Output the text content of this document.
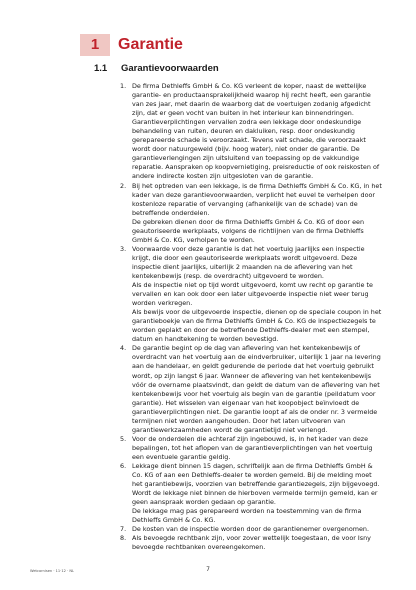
1	Garantie
1.1 Garantievoorwaarden
1. De firma Dethleffs GmbH & Co. KG verleent de koper, naast de wettelijke garantie- en productaansprakelijkheid waarop hij recht heeft, een garantie van zes jaar, met daarin de waarborg dat de voertuigen zodanig afgedicht zijn, dat er geen vocht van buiten in het interieur kan binnendringen.

Garantieverplichtingen vervallen zodra een lekkage door ondeskundige behandeling van ruiten, deuren en dakluiken, resp. door ondeskundig gerepareerde schade is veroorzaakt. Tevens valt schade, die veroorzaakt wordt door natuurgeweld (bijv. hoog water), niet onder de garantie. De garantieverlengingen zijn uitsluitend van toepassing op de vakkundige reparatie. Aanspraken op koopvernietiging, preisreductie of ook reiskosten of andere indirecte kosten zijn uitgesloten van de garantie.

2. Bij het optreden van een lekkage, is de firma Dethleffs GmbH & Co. KG, in het kader van deze garantievoorwaarden, verplicht het euvel te verhelpen door kostenloze reparatie of vervanging (afhankelijk van de schade) van de betreffende onderdelen.

De gebreken dienen door de firma Dethleffs GmbH & Co. KG of door een geautoriseerde werkplaats, volgens de richtlijnen van de firma Dethleffs GmbH & Co. KG, verholpen te worden.

3. Voorwaarde voor deze garantie is dat het voertuig jaarlijks een inspectie krijgt, die door een geautoriseerde werkplaats wordt uitgevoerd. Deze inspectie dient jaarlijks, uiterlijk 2 maanden na de aflevering van het kentekenbewijs (resp. de overdracht) uitgevoerd te worden.

Als de inspectie niet op tijd wordt uitgevoerd, komt uw recht op garantie te vervallen en kan ook door een later uitgevoerde inspectie niet weer terug worden verkregen.

Als bewijs voor de uitgevoerde inspectie, dienen op de speciale coupon in het garantieboekje van de firma Dethleffs GmbH & Co. KG de inspectiezegels te worden geplakt en door de betreffende Dethleffs-dealer met een stempel, datum en handtekening te worden bevestigd.

4. De garantie begint op de dag van aflevering van het kentekenbewijs of overdracht van het voertuig aan de eindverbruiker, uiterlijk 1 jaar na levering aan de handelaar, en geldt gedurende de periode dat het voertuig gebruikt wordt, op zijn langst 6 jaar. Wanneer de aflevering van het kentekenbewijs vóór de overname plaatsvindt, dan geldt de datum van de aflevering van het kentekenbewijs voor het voertuig als begin van de garantie (peildatum voor garantie). Het wisselen van eigenaar van het koopobject beïnvloedt de garantieverplichtingen niet. De garantie loopt af als de onder nr. 3 vermelde termijnen niet worden aangehouden. Door het laten uitvoeren van garantiewerkzaamheden wordt de garantietijd niet verlengd.

5. Voor de onderdelen die achteraf zijn ingebouwd, is, in het kader van deze bepalingen, tot het aflopen van de garantieverplichtingen van het voertuig een eventuele garantie geldig.

6. Lekkage dient binnen 15 dagen, schriftelijk aan de firma Dethleffs GmbH & Co. KG of aan een Dethleffs-dealer te worden gemeld. Bij de melding moet het garantiebewijs, voorzien van betreffende garantiezegels, zijn bijgevoegd. Wordt de lekkage niet binnen de hierboven vermelde termijn gemeld, kan er geen aanspraak worden gedaan op garantie.

De lekkage mag pas gerepareerd worden na toestemming van de firma Dethleffs GmbH & Co. KG.

7. De kosten van de inspectie worden door de garantienemer overgenomen.

8. Als bevoegde rechtbank zijn, voor zover wettelijk toegestaan, de voor Isny bevoegde rechtbanken overeengekomen.

Wetcornisen · 11·12 · NL	7
